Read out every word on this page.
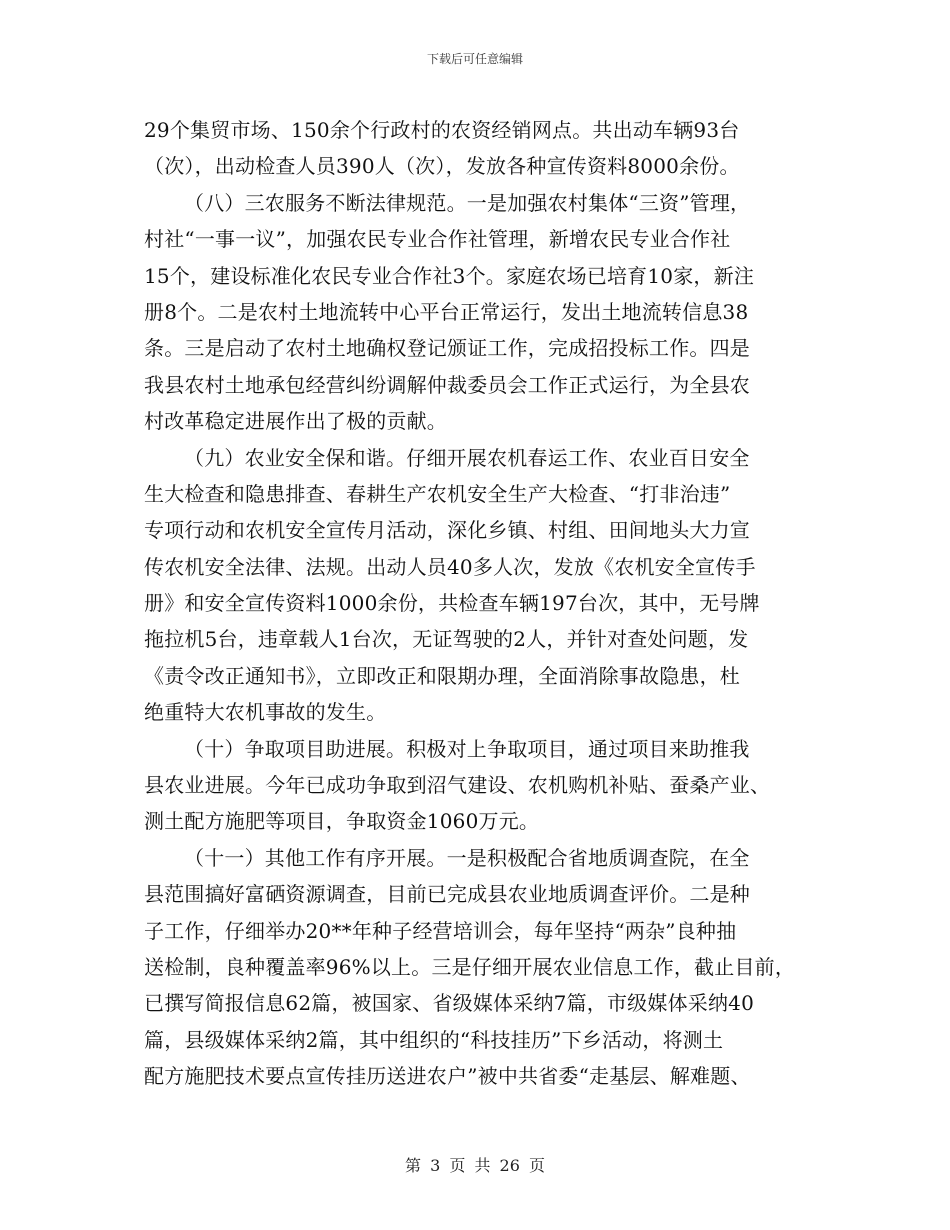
下载后可任意编辑
29个集贸市场、150余个行政村的农资经销网点。共出动车辆93台
（次），出动检查人员390人（次），发放各种宣传资料8000余份。
（八）三农服务不断法律规范。一是加强农村集体“三资”管理，
村社“一事一议”，加强农民专业合作社管理，新增农民专业合作社
15个，建设标准化农民专业合作社3个。家庭农场已培育10家，新注
册8个。二是农村土地流转中心平台正常运行，发出土地流转信息38
条。三是启动了农村土地确权登记颁证工作，完成招投标工作。四是
我县农村土地承包经营纠纷调解仲裁委员会工作正式运行，为全县农
村改革稳定进展作出了极的贡献。
（九）农业安全保和谐。仔细开展农机春运工作、农业百日安全
生大检查和隐患排查、春耕生产农机安全生产大检查、“打非治违”
专项行动和农机安全宣传月活动，深化乡镇、村组、田间地头大力宣
传农机安全法律、法规。出动人员40多人次，发放《农机安全宣传手
册》和安全宣传资料1000余份，共检查车辆197台次，其中，无号牌
拖拉机5台，违章载人1台次，无证驾驶的2人，并针对查处问题，发
《责令改正通知书》，立即改正和限期办理，全面消除事故隐患，杜
绝重特大农机事故的发生。
（十）争取项目助进展。积极对上争取项目，通过项目来助推我
县农业进展。今年已成功争取到沼气建设、农机购机补贴、蚕桑产业、
测土配方施肥等项目，争取资金1060万元。
（十一）其他工作有序开展。一是积极配合省地质调查院，在全
县范围搞好富硒资源调查，目前已完成县农业地质调查评价。二是种
子工作，仔细举办20**年种子经营培训会，每年坚持“两杂”良种抽
送检制，良种覆盖率96%以上。三是仔细开展农业信息工作，截止目前，
已撰写简报信息62篇，被国家、省级媒体采纳7篇，市级媒体采纳40
篇，县级媒体采纳2篇，其中组织的“科技挂历”下乡活动，将测土
配方施肥技术要点宣传挂历送进农户”被中共省委“走基层、解难题、
第 3 页 共 26 页
